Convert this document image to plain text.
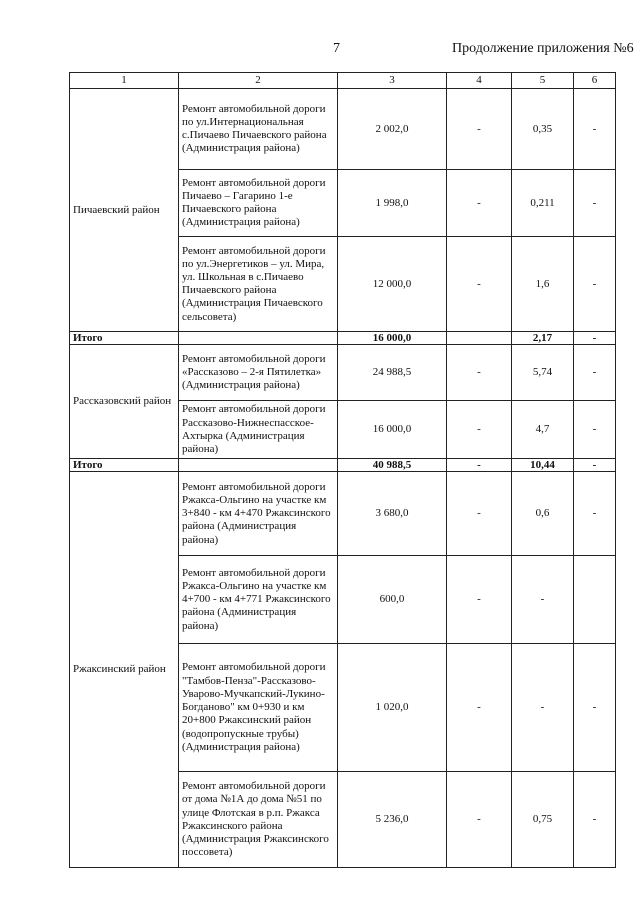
7	Продолжение приложения №6
1	2	3	4	5	6
Пичаевский район	Ремонт автомобильной дороги по ул.Интернациональная с.Пичаево Пичаевского района (Администрация района)	2 002,0	-	0,35	-
	Ремонт автомобильной дороги Пичаево – Гагарино 1-е Пичаевского района (Администрация района)	1 998,0	-	0,211	-
	Ремонт автомобильной дороги по ул.Энергетиков – ул. Мира, ул. Школьная в с.Пичаево Пичаевского района (Администрация Пичаевского сельсовета)	12 000,0	-	1,6	-
Итого		16 000,0		2,17	-
Рассказовский район	Ремонт автомобильной дороги «Рассказово – 2-я Пятилетка» (Администрация района)	24 988,5	-	5,74	-
	Ремонт автомобильной дороги Рассказово-Нижнеспасское-Ахтырка (Администрация района)	16 000,0	-	4,7	-
Итого		40 988,5	-	10,44	-
Ржаксинский район	Ремонт автомобильной дороги Ржакса-Ольгино на участке км 3+840 - км 4+470 Ржаксинского района (Администрация района)	3 680,0	-	0,6	-
	Ремонт автомобильной дороги Ржакса-Ольгино на участке км 4+700 - км 4+771 Ржаксинского района (Администрация района)	600,0	-	-	
	Ремонт автомобильной дороги "Тамбов-Пенза"-Рассказово-Уварово-Мучкапский-Лукино-Богданово" км 0+930 и км 20+800 Ржаксинский район (водопропускные трубы) (Администрация района)	1 020,0	-	-	-
	Ремонт автомобильной дороги от дома №1А до дома №51 по улице Флотская в р.п. Ржакса Ржаксинского района (Администрация Ржаксинского поссовета)	5 236,0	-	0,75	-
